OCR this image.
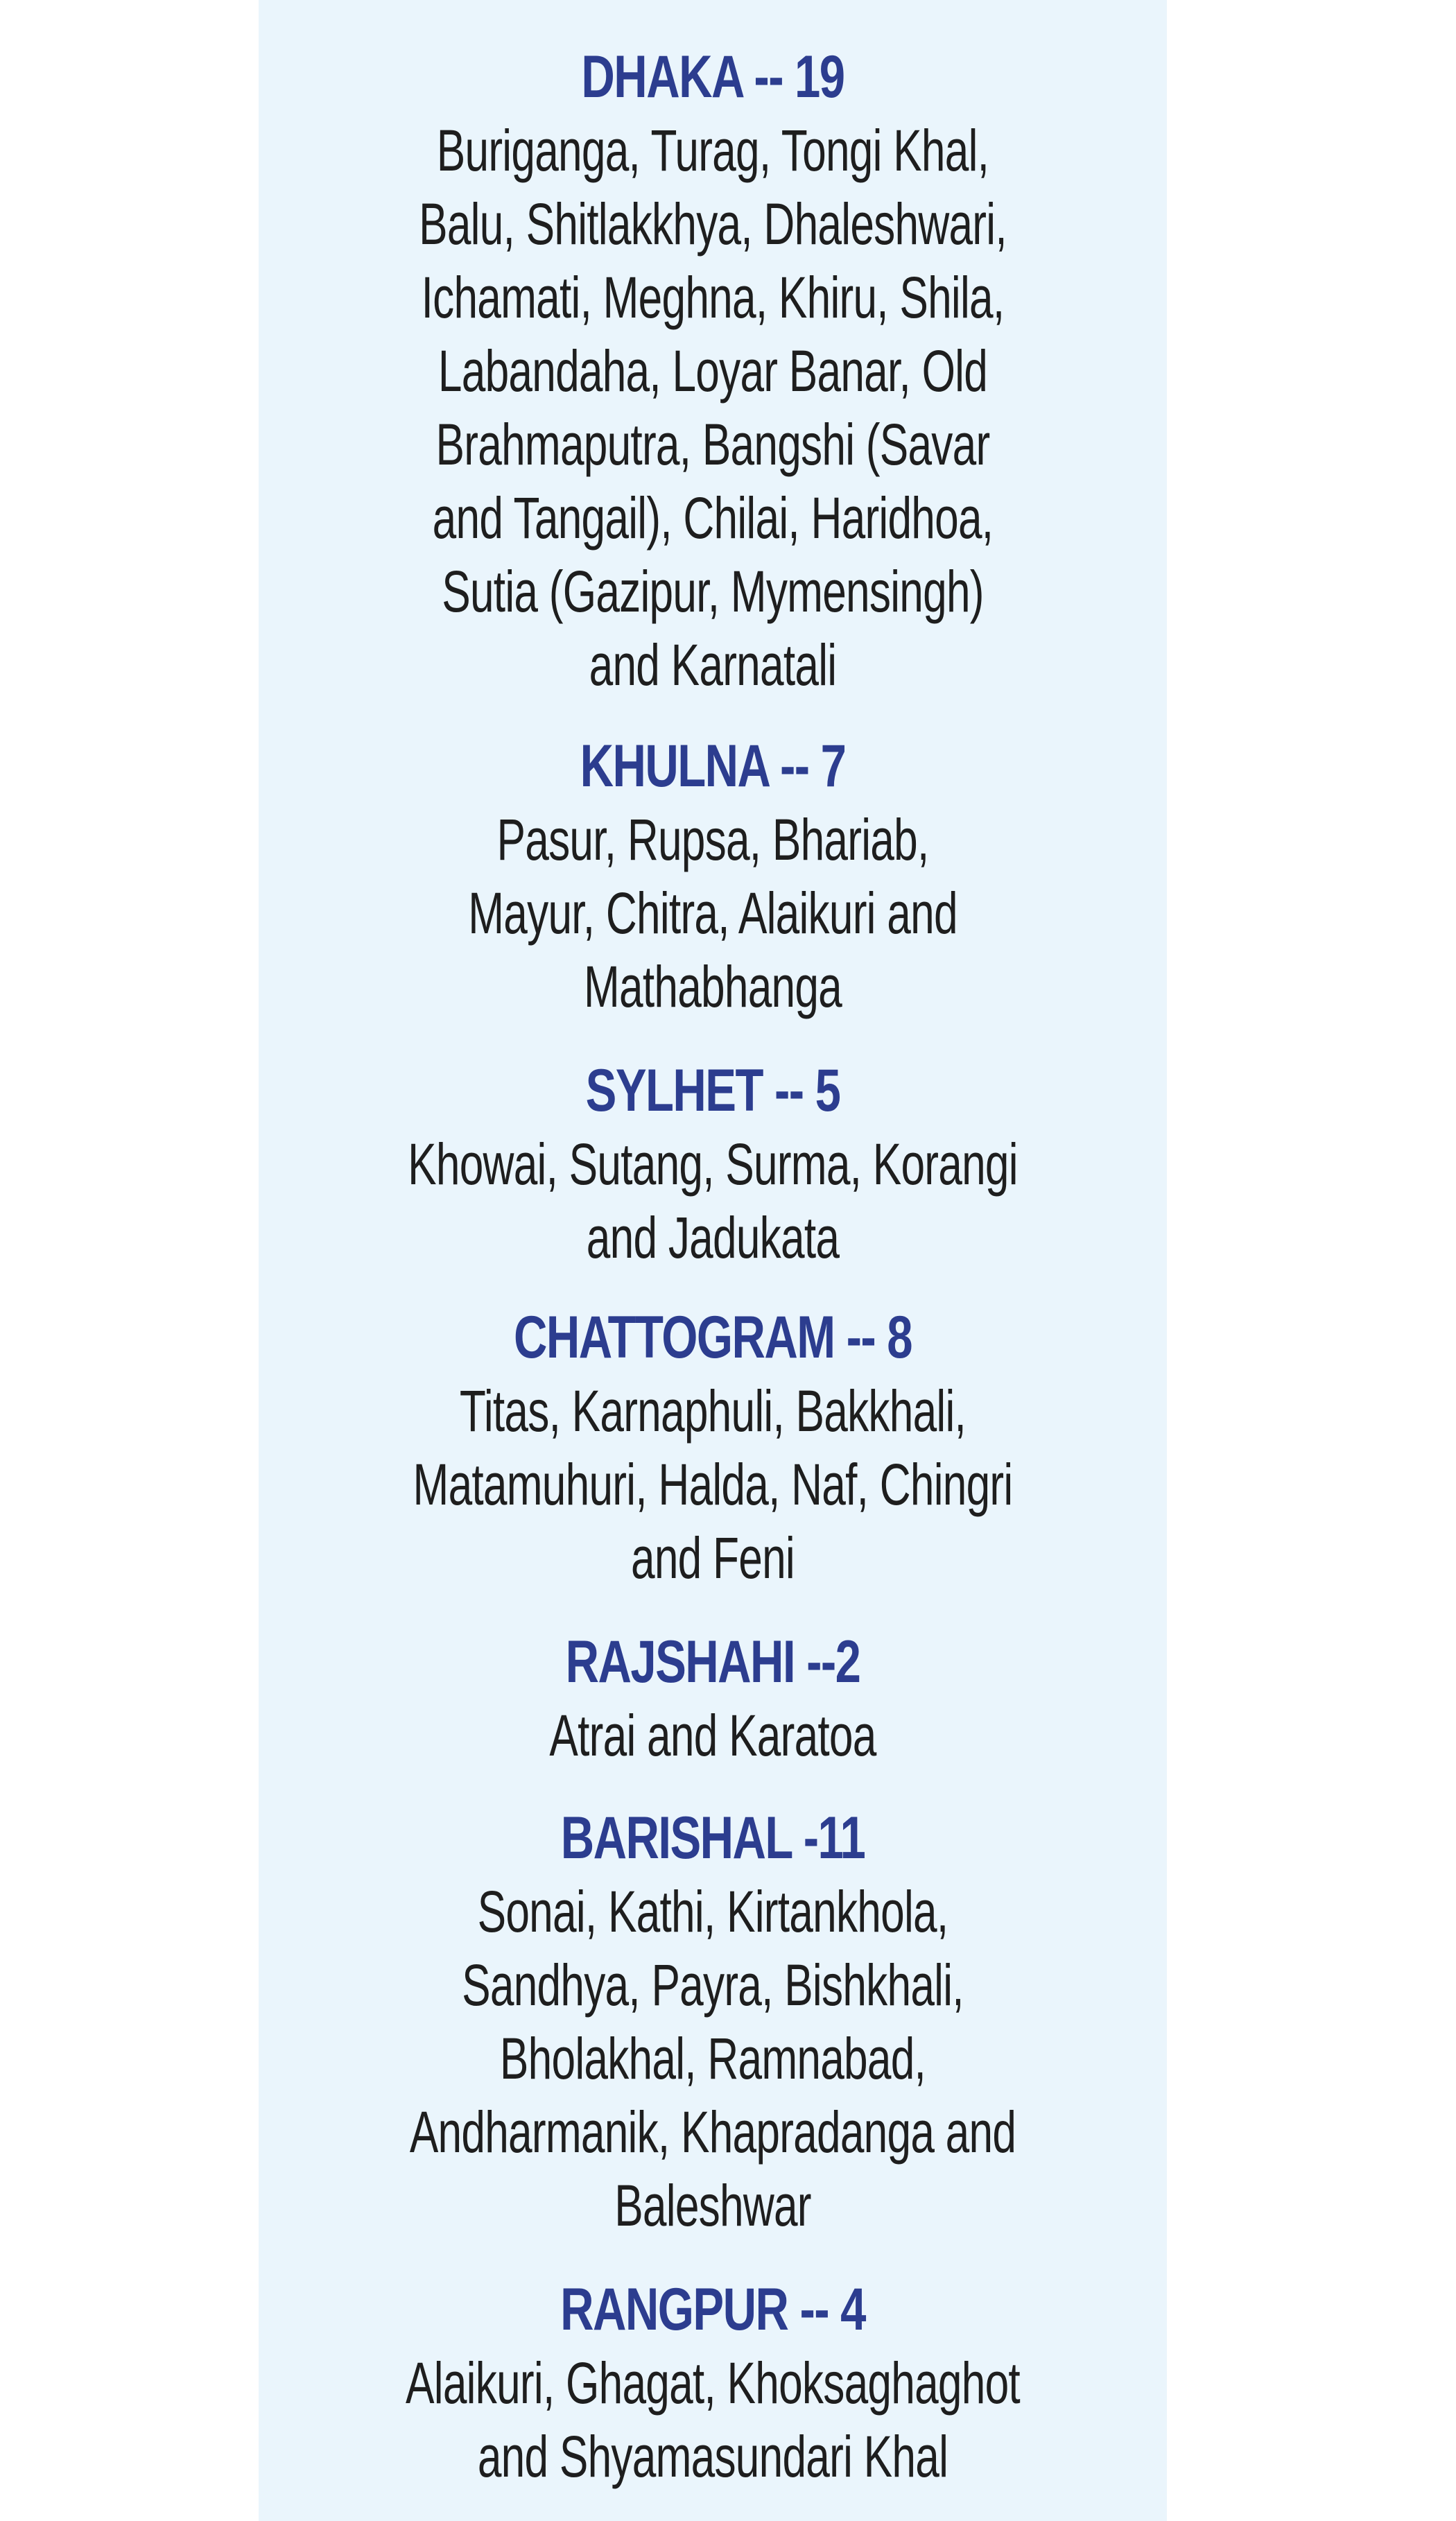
DHAKA -- 19
Buriganga, Turag, Tongi Khal,
Balu, Shitlakkhya, Dhaleshwari,
Ichamati, Meghna, Khiru, Shila,
Labandaha, Loyar Banar, Old
Brahmaputra, Bangshi (Savar
and Tangail), Chilai, Haridhoa,
Sutia (Gazipur, Mymensingh)
and Karnatali
KHULNA -- 7
Pasur, Rupsa, Bhariab,
Mayur, Chitra, Alaikuri and
Mathabhanga
SYLHET -- 5
Khowai, Sutang, Surma, Korangi
and Jadukata
CHATTOGRAM -- 8
Titas, Karnaphuli, Bakkhali,
Matamuhuri, Halda, Naf, Chingri
and Feni
RAJSHAHI --2
Atrai and Karatoa
BARISHAL -11
Sonai, Kathi, Kirtankhola,
Sandhya, Payra, Bishkhali,
Bholakhal, Ramnabad,
Andharmanik, Khapradanga and
Baleshwar
RANGPUR -- 4
Alaikuri, Ghagat, Khoksaghaghot
and Shyamasundari Khal
